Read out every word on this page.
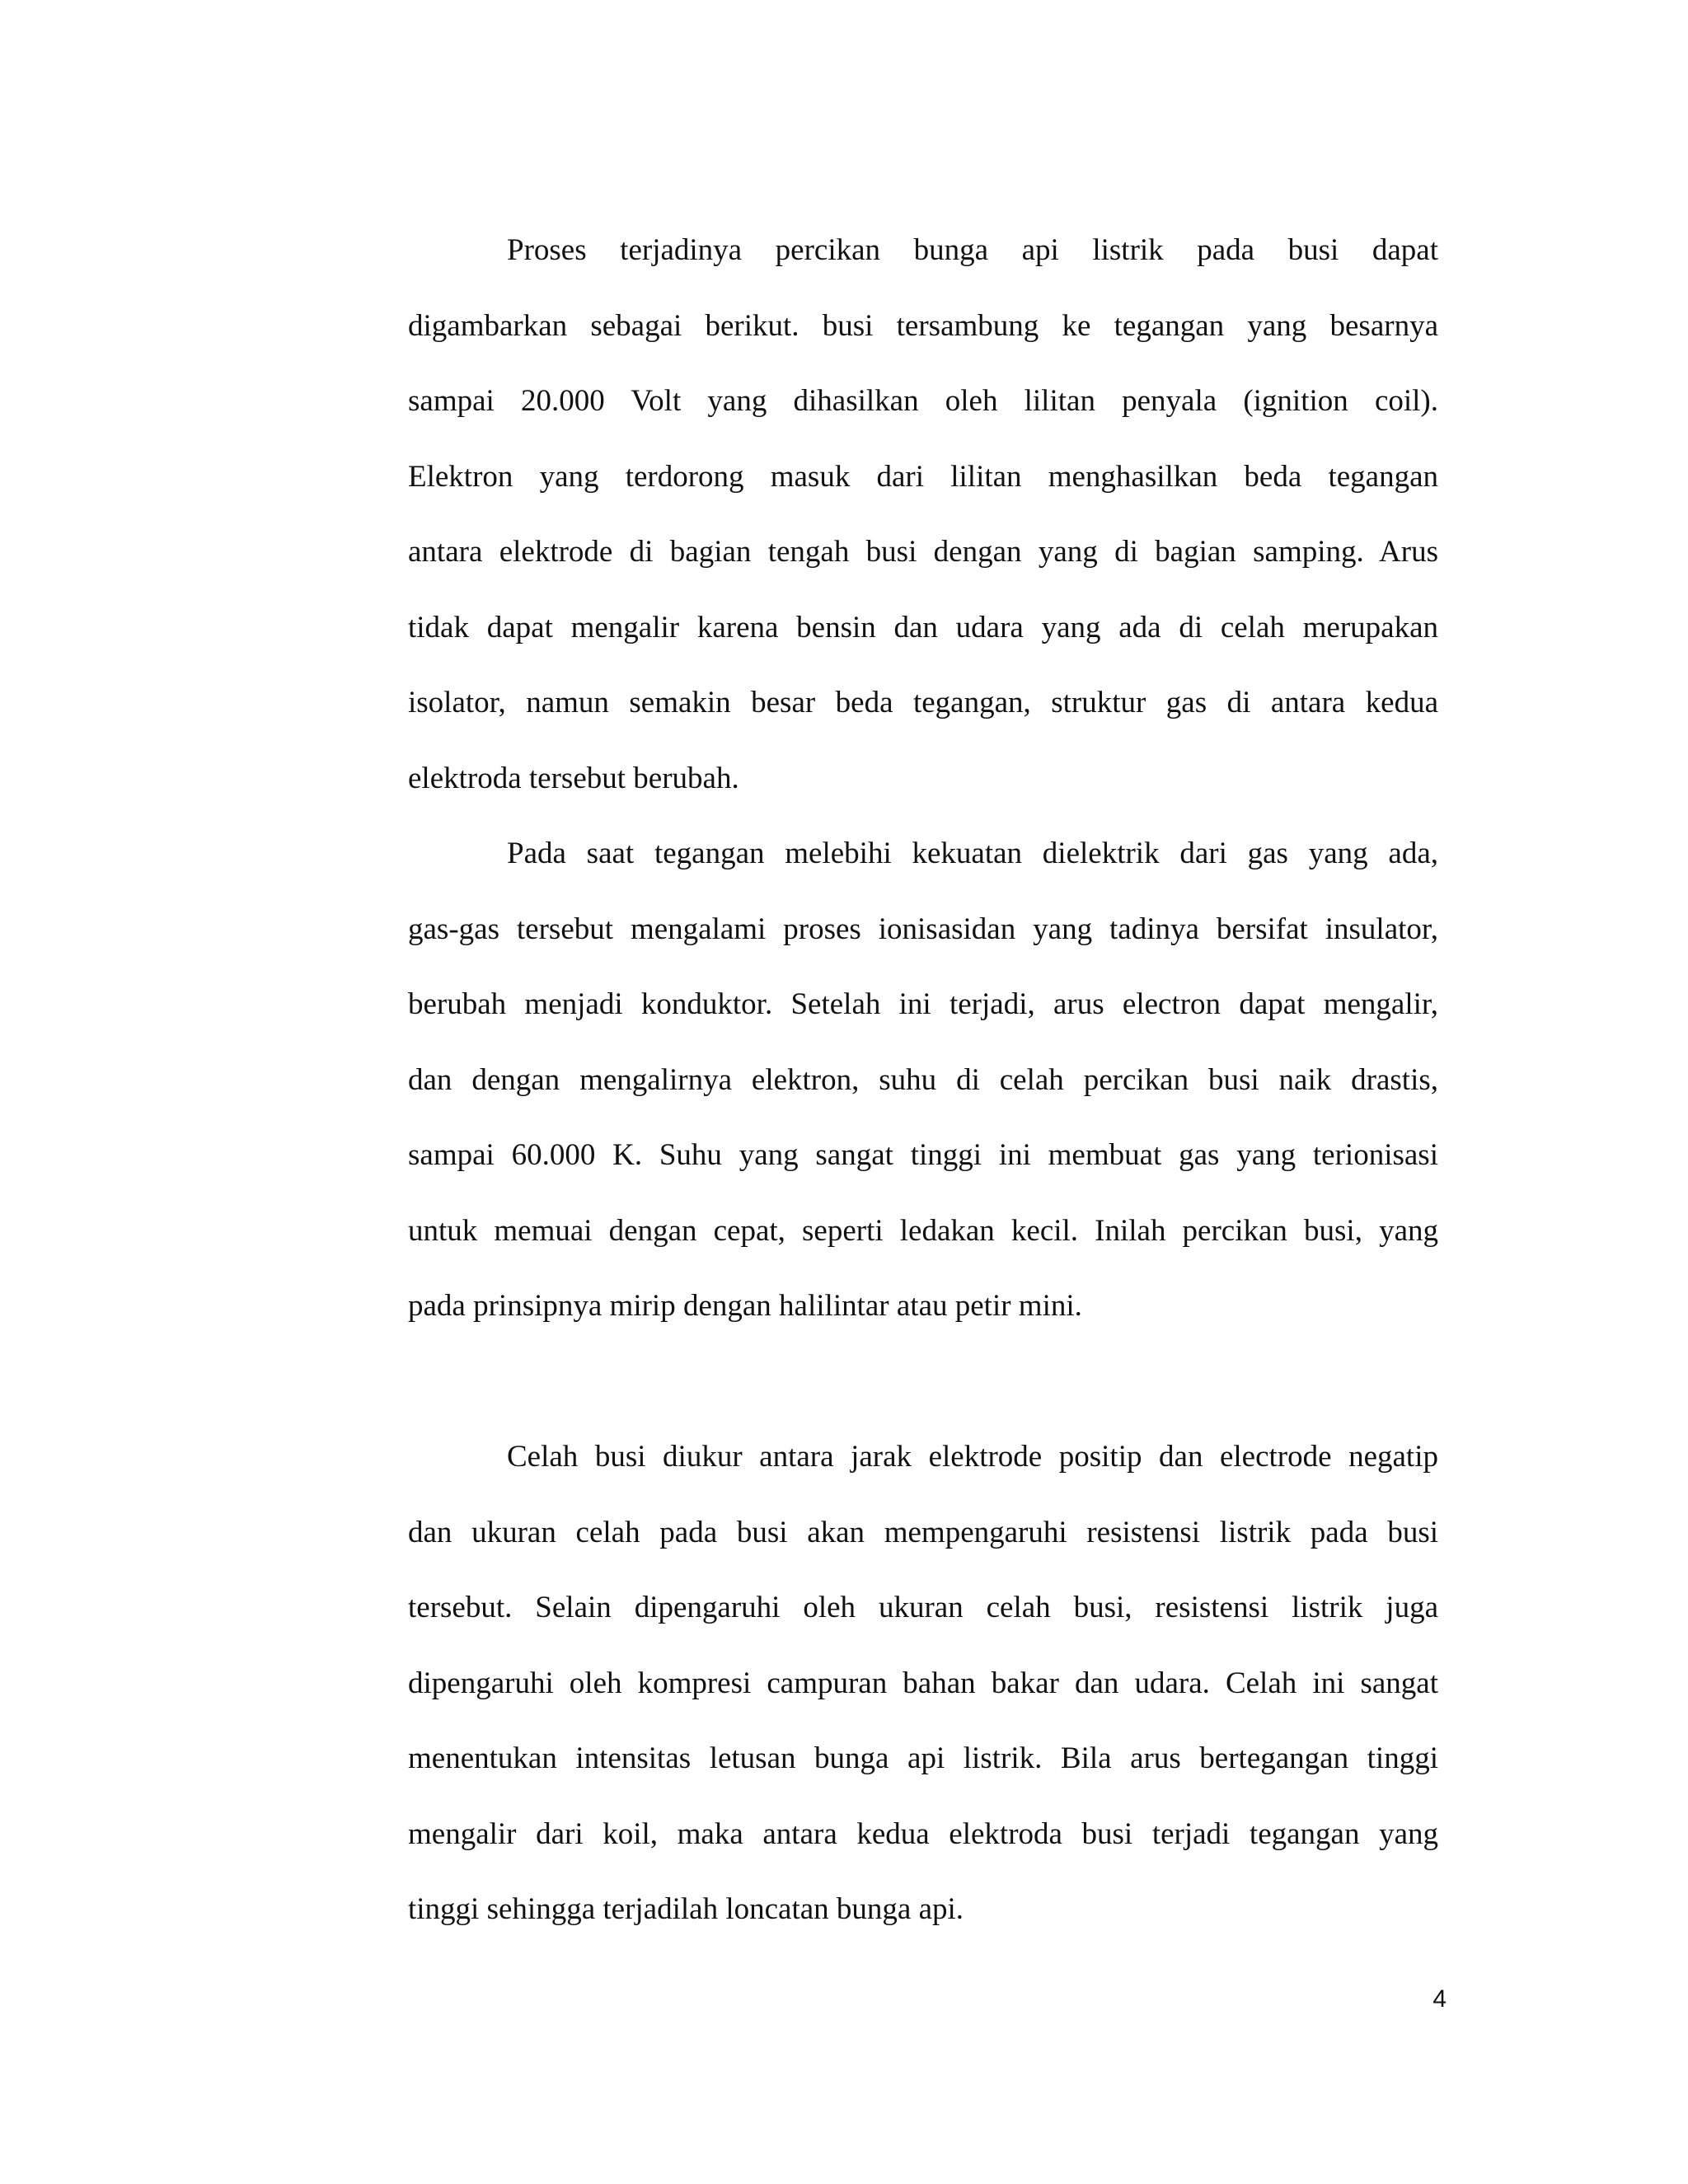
Proses terjadinya percikan bunga api listrik pada busi dapat
digambarkan sebagai berikut. busi tersambung ke tegangan yang besarnya
sampai 20.000 Volt yang dihasilkan oleh lilitan penyala (ignition coil).
Elektron yang terdorong masuk dari lilitan menghasilkan beda tegangan
antara elektrode di bagian tengah busi dengan yang di bagian samping. Arus
tidak dapat mengalir karena bensin dan udara yang ada di celah merupakan
isolator, namun semakin besar beda tegangan, struktur gas di antara kedua
elektroda tersebut berubah.
Pada saat tegangan melebihi kekuatan dielektrik dari gas yang ada,
gas-gas tersebut mengalami proses ionisasidan yang tadinya bersifat insulator,
berubah menjadi konduktor. Setelah ini terjadi, arus electron dapat mengalir,
dan dengan mengalirnya elektron, suhu di celah percikan busi naik drastis,
sampai 60.000 K. Suhu yang sangat tinggi ini membuat gas yang terionisasi
untuk memuai dengan cepat, seperti ledakan kecil. Inilah percikan busi, yang
pada prinsipnya mirip dengan halilintar atau petir mini.
Celah busi diukur antara jarak elektrode positip dan electrode negatip
dan ukuran celah pada busi akan mempengaruhi resistensi listrik pada busi
tersebut. Selain dipengaruhi oleh ukuran celah busi, resistensi listrik juga
dipengaruhi oleh kompresi campuran bahan bakar dan udara. Celah ini sangat
menentukan intensitas letusan bunga api listrik. Bila arus bertegangan tinggi
mengalir dari koil, maka antara kedua elektroda busi terjadi tegangan yang
tinggi sehingga terjadilah loncatan bunga api.
4
